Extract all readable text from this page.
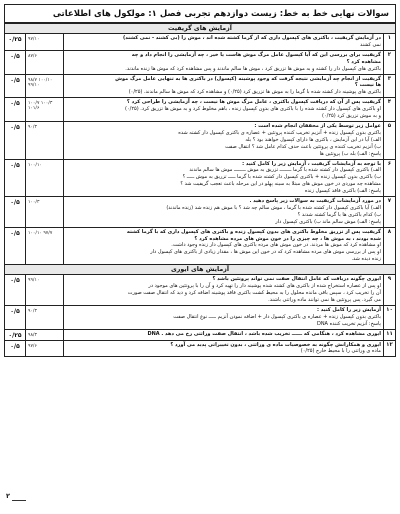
سوالات نهایی خط به خط: زیست دوازدهم تجربی فصل ۱: مولکول های اطلاعاتی
آزمایش های گریفیت			
۰/۲۵	۹۷/۱۰	در آزمایش گریفیت ، باکتری های کپسول داری که از گرما کشته شده اند ، موش را (بی کشند - نمی کشند)
نمی کشند	۱
۰/۵	۸۷/۶	گریفیت برای بررسی این که آیا کپسول عامل مرگ موش هاست یا خیر ، چه آزمایشی را انجام داد و چه
مشاهده کرد ؟
باکتری های کپسول دار را کشته و به موش ها تزریق کرد ، موش ها سالم ماندند و پس مشاهده کرد که موش ها زنده ماندند.	۲
۰/۵	۹۸/۷ ۱۰۰/۱۰ ۹۹/۱۰	گریفیت از انجام چه آزمایشی نتیجه گرفت که وجود پوشینه (کپسول) در باکتری ها به تنهایی عامل مرگ موش
ها نیست ؟
باکتری های پوشینه دار کشته شده با گرما را به موش ها تزریق کرد (۰/۲۵) و مشاهده کرد که موش ها سالم ماندند. (۰/۲۵)	۳
۰/۵	۱۰۰/۷ ۱۰۰/۳ ۱۰۱/۶	گریفیت پس از آن که دریافت کپسول باکتری ، عامل مرگ موش ها نیست ، چه آزمایشی را طراحی کرد ؟
او باکتری های کپسول دار کشته شده را با باکتری های بدون کپسول زنده ، باهم مخلوط کرد و به موش ها تزریق کرد. (۰/۲۵)
و به موش تزریق کرد (۰/۲۵)	۴
۰/۵	۹۰/۳	عوامل زیر توسط یکی از محققان انجام شده است :
باکتری بدون کپسول زنده + آنزیم تخریب کننده پروتئین + عصاره ی باکتری کپسول دار کشته شده
الف) آیا در این آزمایش ، باکتری ها دارای کپسول خواهند بود ؟ بله
ب) آنزیم تخریب کننده ی پروتئین باعث حذف کدام عامل شد ؟ انتقال صفت
پاسخ: الف) بله ب) پروتئین ها	۵
۰/۵	۱۰۰/۱۰	با توجه به آزمایشات گریفیت ، آزمایش زیر را کامل کنید :
الف) باکتری کپسول دار کشته شده با گرما ــــــــ تزریق به موش ــــــــ موش ها سالم ماندند
ب) باکتری بدون کپسول زنده + باکتری کپسول دار کشته شده با گرما ـــــ تزریق به موش ـــــ ؟
مشاهده چه موردی در خون موش های مبتلا به سینه پهلو در این مرحله باعث تعجب گریفیت شد ؟
پاسخ: الف) باکتری فاقد کپسول زنده	۶
۰/۵	۱۰۰/۳	در مورد آزمایشات گریفیت به سوالات زیر پاسخ دهید .
الف) آیا باکتری کپسول دار کشته شده با گرما ، موش سالم چه شد ؟ با موش هم زنده شد (زنده ماندند)
ب) کدام باکتری ها با گرما کشته شدند ؟
پاسخ: الف) موش سالم ماند ب) باکتری کپسول دار	۷
۰/۵	۱۰۰/۱۰ ۹۷/۷	گریفیت پس از تزریق مخلوط باکتری های بدون کپسول زنده و باکتری های کپسول داری که با گرما کشته
شده بودند ، به موش ها ، چه چیزی را در خون موش های مرده مشاهده کرد ؟
او مشاهده کرد که موش ها مردند. در خون موش های مرده باکتری های کپسول دار زنده وجود داشت.
او پس از بررسی موش های مرده مشاهده کرد که در خون این موش ها ، مقدار زیادی از باکتری های کپسول دار
زنده دیده شد.	۸
آزمایش های ایوری			
۰/۵	۹۹/۱۰	ایوری چگونه دریافت که عامل انتقال صفت نمی تواند پروتئین باشد ؟
او پس از عصاره استخراج شده از باکتری های کشته شده پوشینه دار را تهیه کرد و آن را با پروتئین های موجود در
آن را تخریب کرد ، سپس باقی مانده محلول را به محیط کشت باکتری فاقد پوشینه اضافه کرد و دید که انتقال صفت صورت
می گیرد. پس پروتئین ها نمی توانند ماده وراثتی باشند.	۹
۰/۵	۹۰/۳	آزمایش زیر را کامل کنید :
باکتری بدون کپسول زنده + عصاره ی باکتری کپسول دار + اضافه نمودن آنزیم ـــــ نوع انتقال صفت
پاسخ: آنزیم تخریب کننده DNA	۱۰
۰/۲۵	۹۸/۳	ایوری مشاهده کرد ، هنگامی که ــــــ تخریب شده باشد ، انتقال صفت وراثتی رخ می دهد . DNA	۱۱
۰/۵	۹۷/۶	ایوری و همکارانش چگونه به خصوصیات ماده ی وراثتی ، بدون تغییراتی پدید می آورد ؟
ماده ی وراثتی را با محیط خارج (۰/۲۵)	۱۲
۲
